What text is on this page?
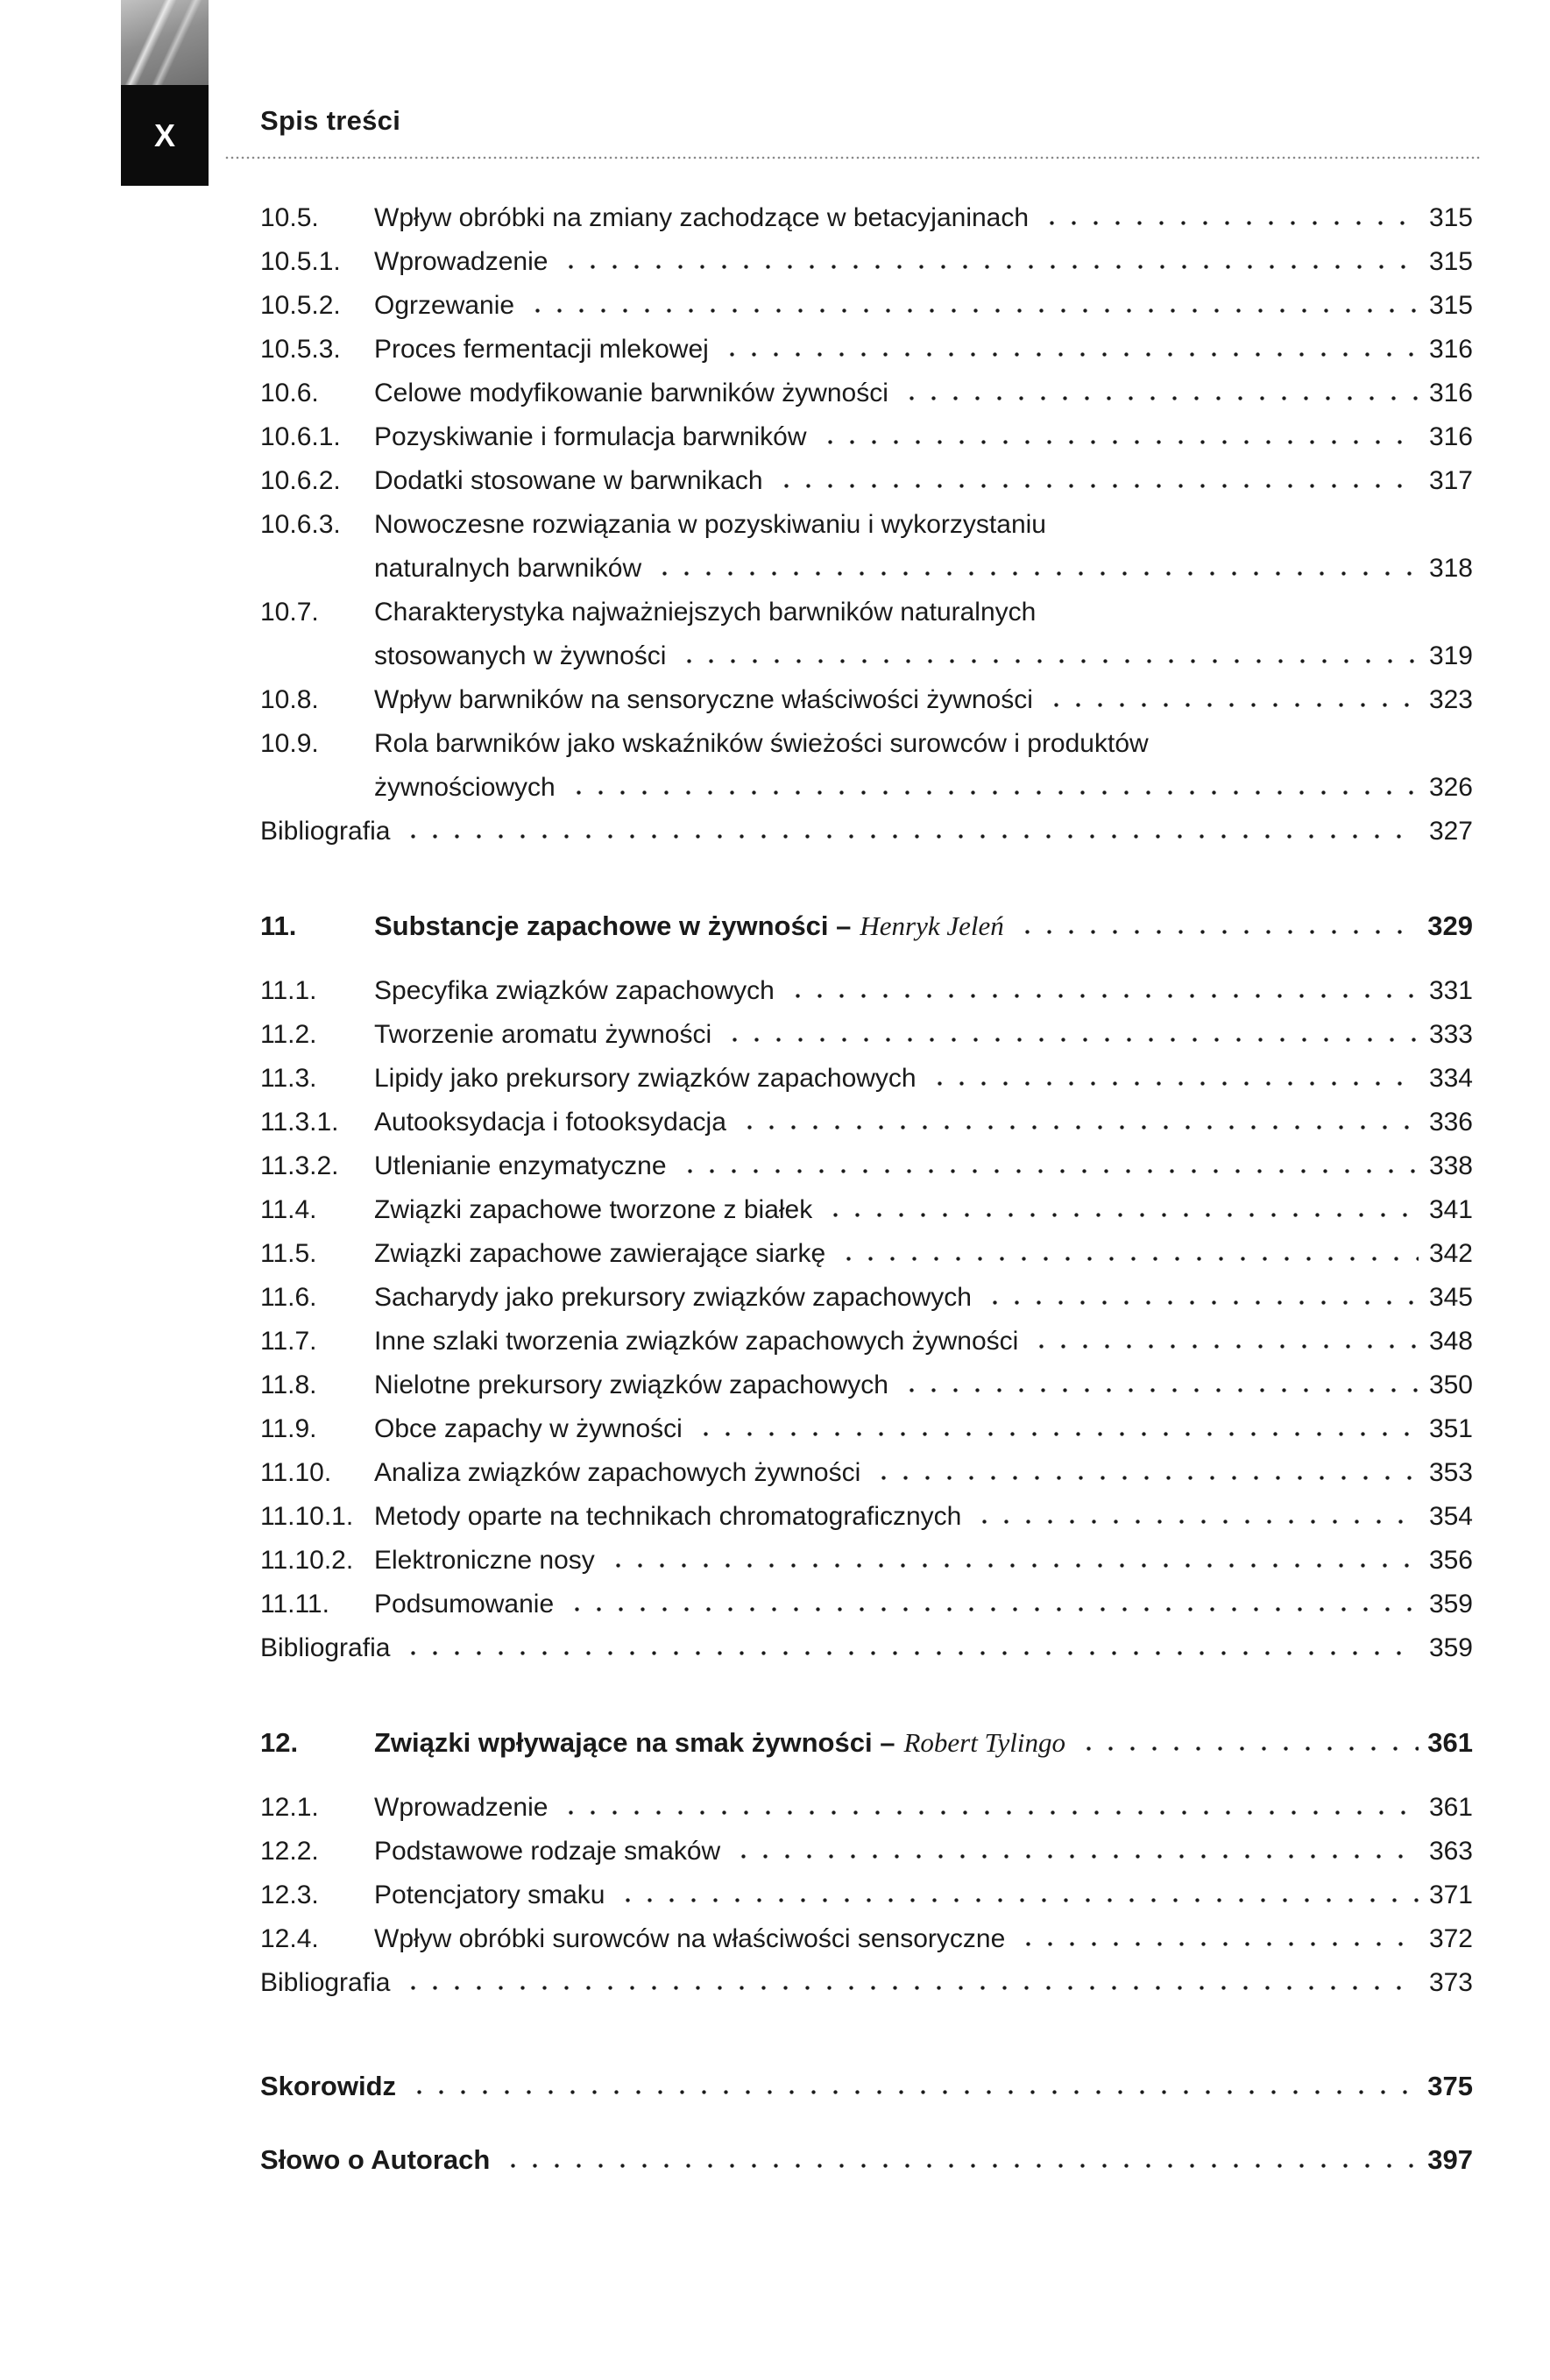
X	Spis treści
10.5.	Wpływ obróbki na zmiany zachodzące w betacyjaninach	315
10.5.1.	Wprowadzenie	315
10.5.2.	Ogrzewanie	315
10.5.3.	Proces fermentacji mlekowej	316
10.6.	Celowe modyfikowanie barwników żywności	316
10.6.1.	Pozyskiwanie i formulacja barwników	316
10.6.2.	Dodatki stosowane w barwnikach	317
10.6.3.	Nowoczesne rozwiązania w pozyskiwaniu i wykorzystaniu
naturalnych barwników	318
10.7.	Charakterystyka najważniejszych barwników naturalnych
stosowanych w żywności	319
10.8.	Wpływ barwników na sensoryczne właściwości żywności	323
10.9.	Rola barwników jako wskaźników świeżości surowców i produktów
żywnościowych	326
Bibliografia	327
11.	Substancje zapachowe w żywności – Henryk Jeleń	329
11.1.	Specyfika związków zapachowych	331
11.2.	Tworzenie aromatu żywności	333
11.3.	Lipidy jako prekursory związków zapachowych	334
11.3.1.	Autooksydacja i fotooksydacja	336
11.3.2.	Utlenianie enzymatyczne	338
11.4.	Związki zapachowe tworzone z białek	341
11.5.	Związki zapachowe zawierające siarkę	342
11.6.	Sacharydy jako prekursory związków zapachowych	345
11.7.	Inne szlaki tworzenia związków zapachowych żywności	348
11.8.	Nielotne prekursory związków zapachowych	350
11.9.	Obce zapachy w żywności	351
11.10.	Analiza związków zapachowych żywności	353
11.10.1. Metody oparte na technikach chromatograficznych	354
11.10.2. Elektroniczne nosy	356
11.11.	Podsumowanie	359
Bibliografia	359
12.	Związki wpływające na smak żywności – Robert Tylingo	361
12.1.	Wprowadzenie	361
12.2.	Podstawowe rodzaje smaków	363
12.3.	Potencjatory smaku	371
12.4.	Wpływ obróbki surowców na właściwości sensoryczne	372
Bibliografia	373
Skorowidz	375
Słowo o Autorach	397
